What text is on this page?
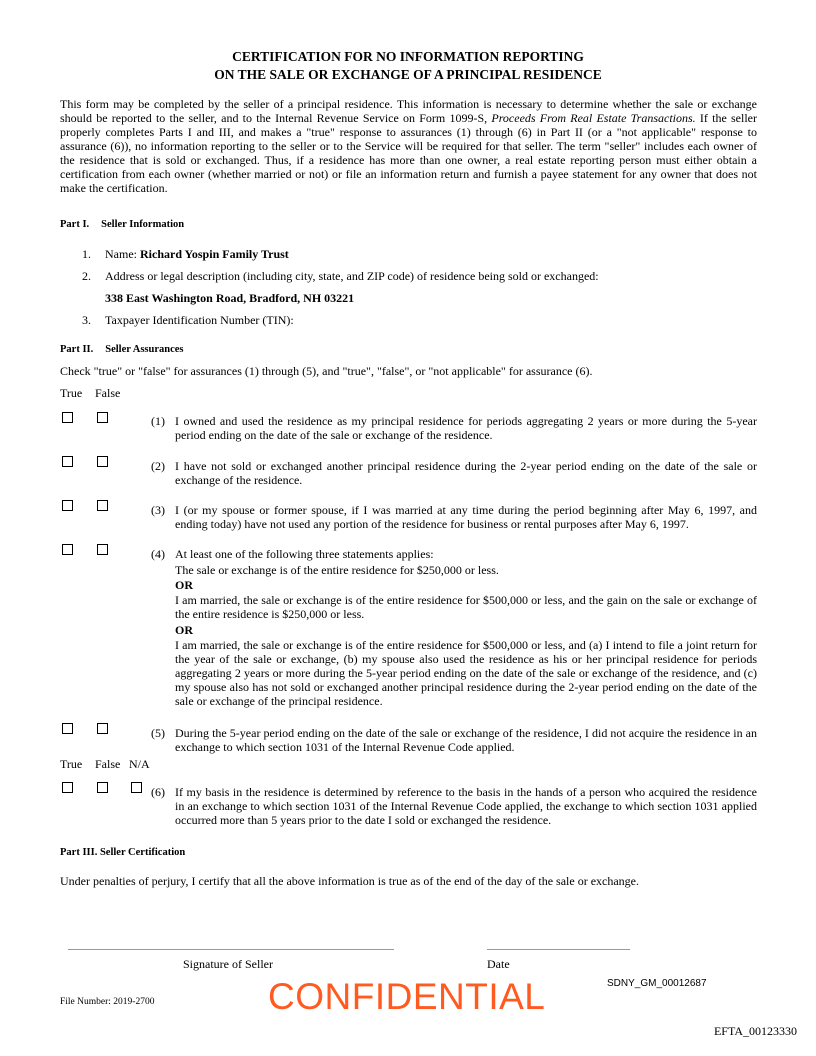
CERTIFICATION FOR NO INFORMATION REPORTING
ON THE SALE OR EXCHANGE OF A PRINCIPAL RESIDENCE
This form may be completed by the seller of a principal residence. This information is necessary to determine whether the sale or exchange should be reported to the seller, and to the Internal Revenue Service on Form 1099-S, Proceeds From Real Estate Transactions. If the seller properly completes Parts I and III, and makes a "true" response to assurances (1) through (6) in Part II (or a "not applicable" response to assurance (6)), no information reporting to the seller or to the Service will be required for that seller. The term "seller" includes each owner of the residence that is sold or exchanged. Thus, if a residence has more than one owner, a real estate reporting person must either obtain a certification from each owner (whether married or not) or file an information return and furnish a payee statement for any owner that does not make the certification.
Part I. Seller Information
1. Name: Richard Yospin Family Trust
2. Address or legal description (including city, state, and ZIP code) of residence being sold or exchanged:
338 East Washington Road, Bradford, NH 03221
3. Taxpayer Identification Number (TIN):
Part II. Seller Assurances
Check "true" or "false" for assurances (1) through (5), and "true", "false", or "not applicable" for assurance (6).
True False
(1) I owned and used the residence as my principal residence for periods aggregating 2 years or more during the 5-year period ending on the date of the sale or exchange of the residence.
(2) I have not sold or exchanged another principal residence during the 2-year period ending on the date of the sale or exchange of the residence.
(3) I (or my spouse or former spouse, if I was married at any time during the period beginning after May 6, 1997, and ending today) have not used any portion of the residence for business or rental purposes after May 6, 1997.
(4) At least one of the following three statements applies:
The sale or exchange is of the entire residence for $250,000 or less.
OR
I am married, the sale or exchange is of the entire residence for $500,000 or less, and the gain on the sale or exchange of the entire residence is $250,000 or less.
OR
I am married, the sale or exchange is of the entire residence for $500,000 or less, and (a) I intend to file a joint return for the year of the sale or exchange, (b) my spouse also used the residence as his or her principal residence for periods aggregating 2 years or more during the 5-year period ending on the date of the sale or exchange of the residence, and (c) my spouse also has not sold or exchanged another principal residence during the 2-year period ending on the date of the sale or exchange of the principal residence.
(5) During the 5-year period ending on the date of the sale or exchange of the residence, I did not acquire the residence in an exchange to which section 1031 of the Internal Revenue Code applied.
True False N/A
(6) If my basis in the residence is determined by reference to the basis in the hands of a person who acquired the residence in an exchange to which section 1031 of the Internal Revenue Code applied, the exchange to which section 1031 applied occurred more than 5 years prior to the date I sold or exchanged the residence.
Part III. Seller Certification
Under penalties of perjury, I certify that all the above information is true as of the end of the day of the sale or exchange.
Signature of Seller	Date
SDNY_GM_00012687
File Number: 2019-2700	CONFIDENTIAL
EFTA_00123330
